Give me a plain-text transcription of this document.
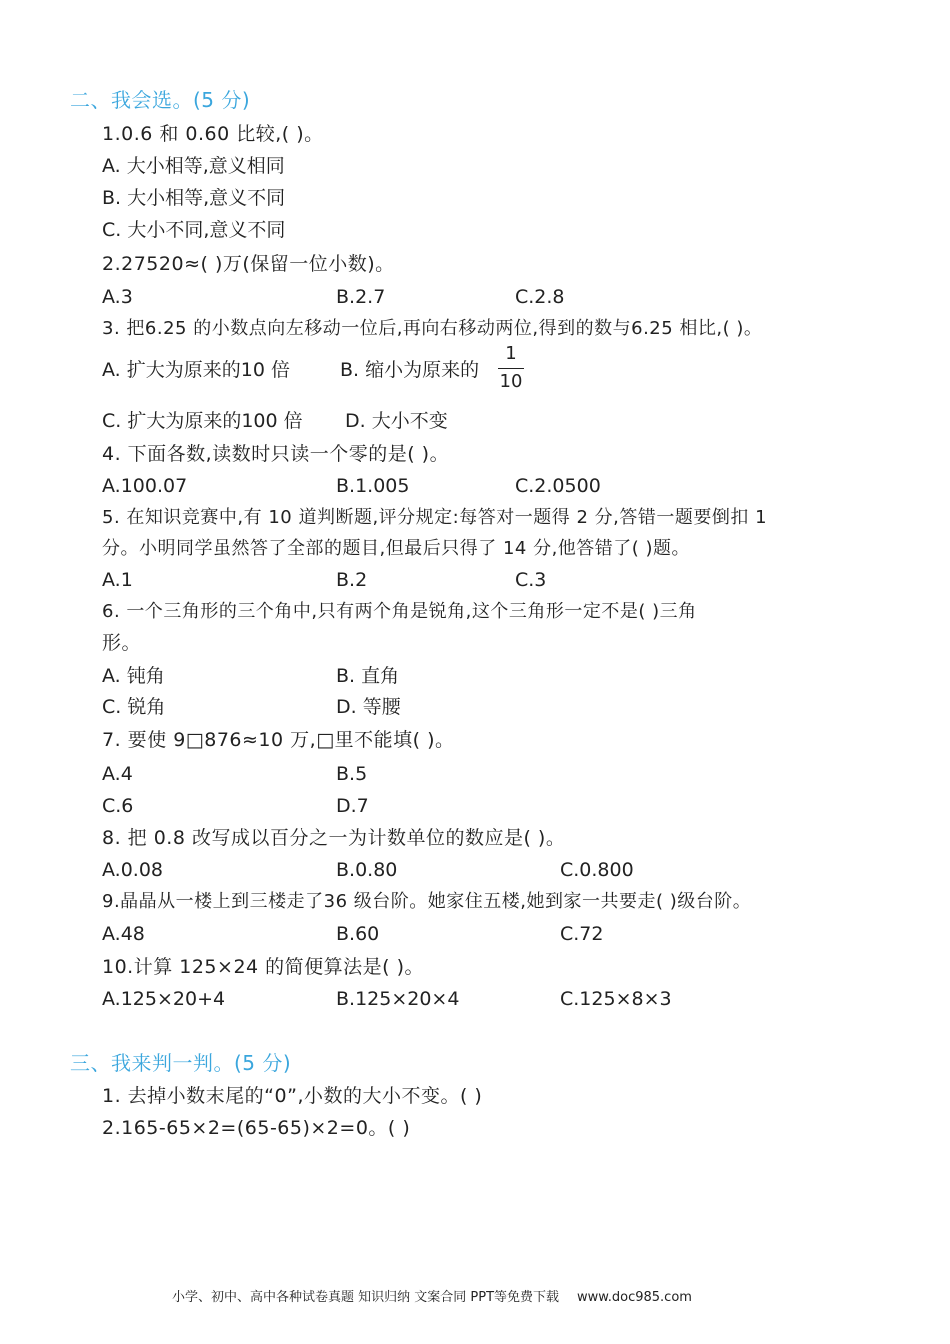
二、我会选。(5 分)
1.0.6 和 0.60 比较,( )。
A. 大小相等,意义相同
B. 大小相等,意义不同
C. 大小不同,意义不同
2.27520≈( )万(保留一位小数)。
A.3	B.2.7	C.2.8
3. 把6.25 的小数点向左移动一位后,再向右移动两位,得到的数与6.25 相比,( )。
A. 扩大为原来的10 倍	B. 缩小为原来的
1
10
C. 扩大为原来的100 倍 D. 大小不变
4. 下面各数,读数时只读一个零的是( )。
A.100.07	B.1.005	C.2.0500
5. 在知识竞赛中,有 10 道判断题,评分规定:每答对一题得 2 分,答错一题要倒扣 1
分。小明同学虽然答了全部的题目,但最后只得了 14 分,他答错了( )题。
A.1	B.2	C.3
6. 一个三角形的三个角中,只有两个角是锐角,这个三角形一定不是( )三角
形。
A. 钝角	B. 直角
C. 锐角	D. 等腰
7. 要使 9□876≈10 万,□里不能填( )。
A.4	B.5
C.6	D.7
8. 把 0.8 改写成以百分之一为计数单位的数应是( )。
A.0.08	B.0.80	C.0.800
9.晶晶从一楼上到三楼走了36 级台阶。她家住五楼,她到家一共要走( )级台阶。
A.48	B.60	C.72
10.计算 125×24 的简便算法是( )。
A.125×20+4	B.125×20×4	C.125×8×3
三、我来判一判。(5 分)
1. 去掉小数末尾的“0”,小数的大小不变。( )
2.165-65×2=(65-65)×2=0。( )
小学、初中、高中各种试卷真题 知识归纳 文案合同 PPT等免费下载 www.doc985.com
